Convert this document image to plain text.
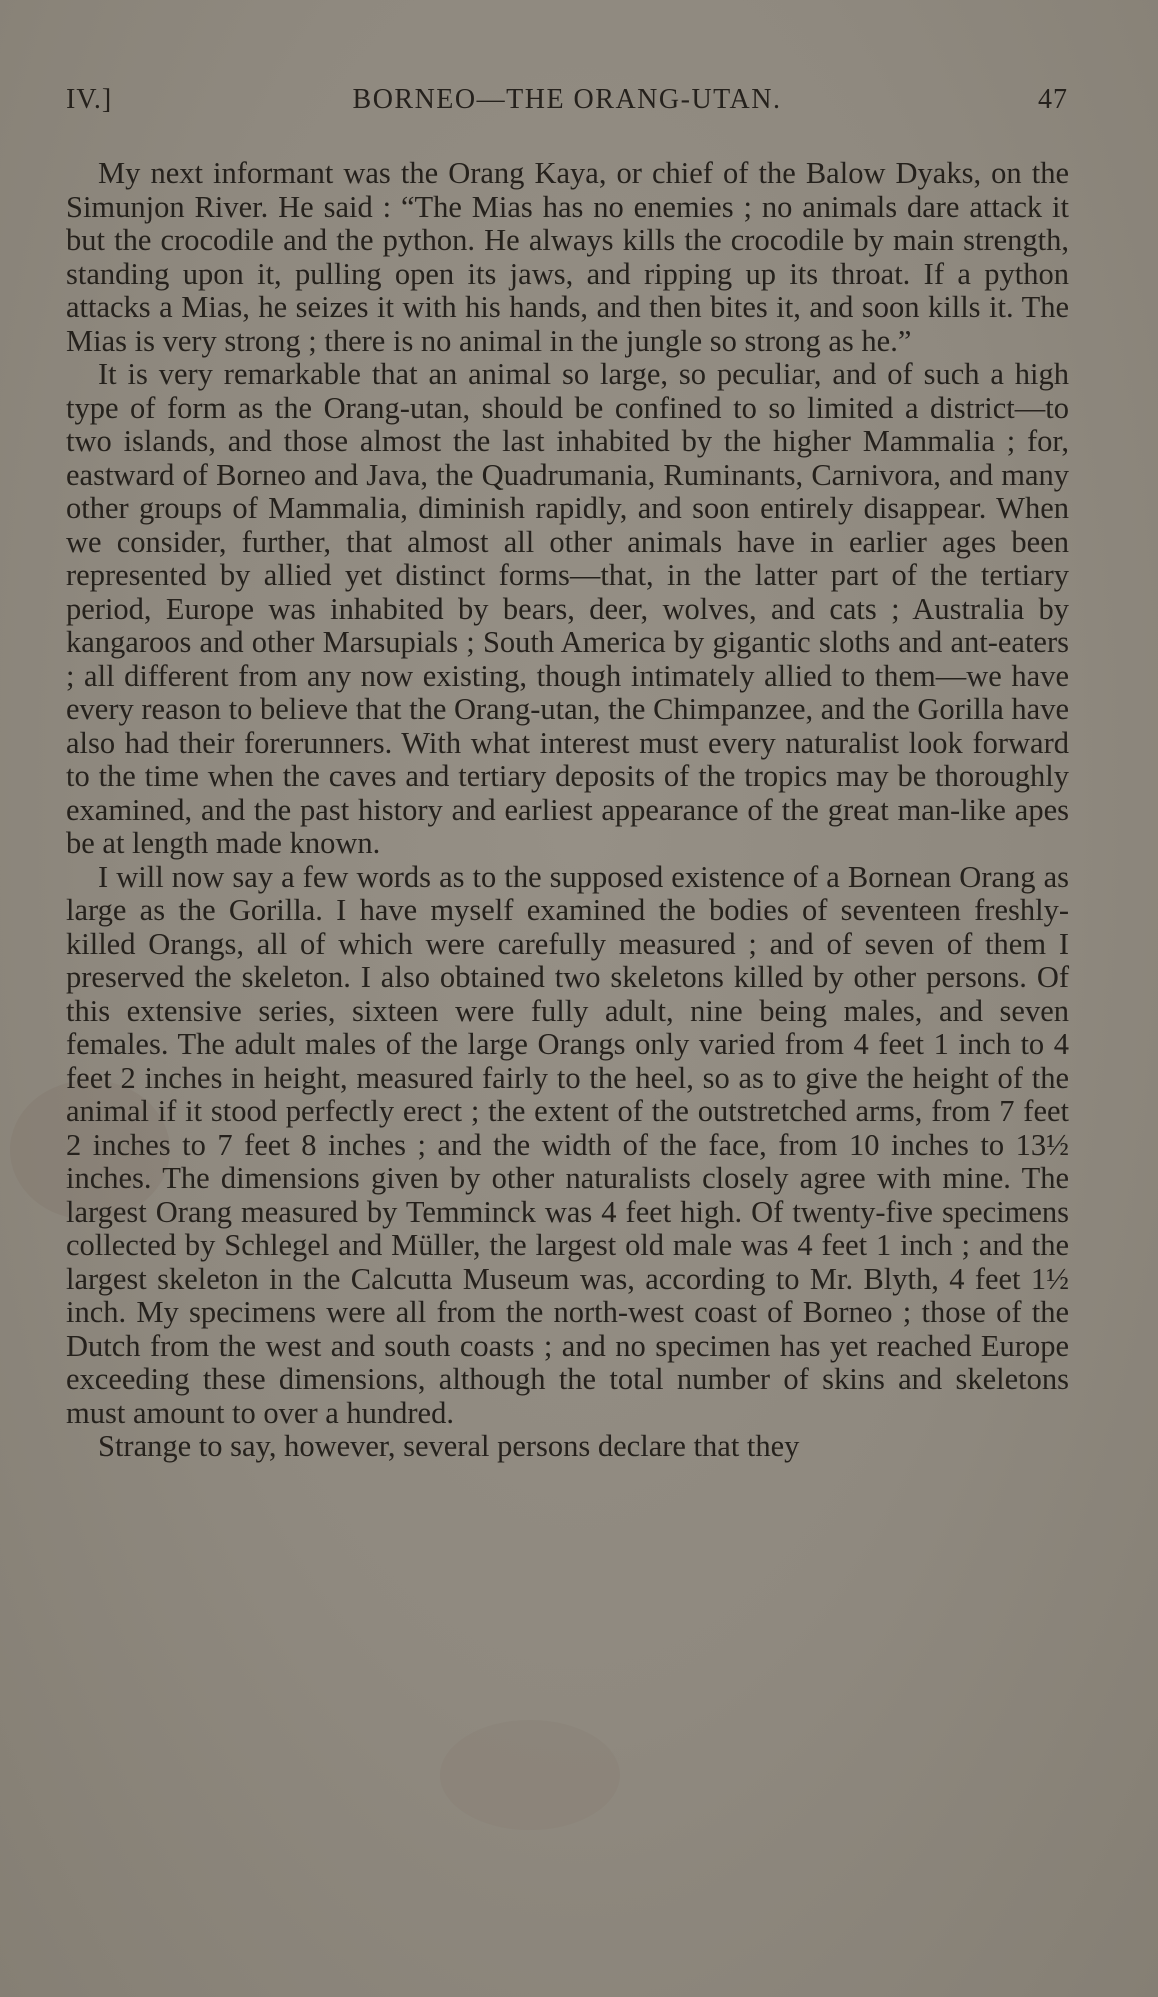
IV.]	BORNEO—THE ORANG-UTAN.	47

My next informant was the Orang Kaya, or chief of the Balow Dyaks, on the Simunjon River. He said : “The Mias has no enemies ; no animals dare attack it but the crocodile and the python. He always kills the crocodile by main strength, standing upon it, pulling open its jaws, and ripping up its throat. If a python attacks a Mias, he seizes it with his hands, and then bites it, and soon kills it. The Mias is very strong ; there is no animal in the jungle so strong as he.”

It is very remarkable that an animal so large, so peculiar, and of such a high type of form as the Orang-utan, should be confined to so limited a district—to two islands, and those almost the last inhabited by the higher Mammalia ; for, eastward of Borneo and Java, the Quadrumania, Ruminants, Carnivora, and many other groups of Mammalia, diminish rapidly, and soon entirely disappear. When we consider, further, that almost all other animals have in earlier ages been represented by allied yet distinct forms—that, in the latter part of the tertiary period, Europe was inhabited by bears, deer, wolves, and cats ; Australia by kangaroos and other Marsupials ; South America by gigantic sloths and ant-eaters ; all different from any now existing, though intimately allied to them—we have every reason to believe that the Orang-utan, the Chimpanzee, and the Gorilla have also had their forerunners. With what interest must every naturalist look forward to the time when the caves and tertiary deposits of the tropics may be thoroughly examined, and the past history and earliest appearance of the great man-like apes be at length made known.

I will now say a few words as to the supposed existence of a Bornean Orang as large as the Gorilla. I have myself examined the bodies of seventeen freshly-killed Orangs, all of which were carefully measured ; and of seven of them I preserved the skeleton. I also obtained two skeletons killed by other persons. Of this extensive series, sixteen were fully adult, nine being males, and seven females. The adult males of the large Orangs only varied from 4 feet 1 inch to 4 feet 2 inches in height, measured fairly to the heel, so as to give the height of the animal if it stood perfectly erect ; the extent of the outstretched arms, from 7 feet 2 inches to 7 feet 8 inches ; and the width of the face, from 10 inches to 13½ inches. The dimensions given by other naturalists closely agree with mine. The largest Orang measured by Temminck was 4 feet high. Of twenty-five specimens collected by Schlegel and Müller, the largest old male was 4 feet 1 inch ; and the largest skeleton in the Calcutta Museum was, according to Mr. Blyth, 4 feet 1½ inch. My specimens were all from the north-west coast of Borneo ; those of the Dutch from the west and south coasts ; and no specimen has yet reached Europe exceeding these dimensions, although the total number of skins and skeletons must amount to over a hundred.

Strange to say, however, several persons declare that they
